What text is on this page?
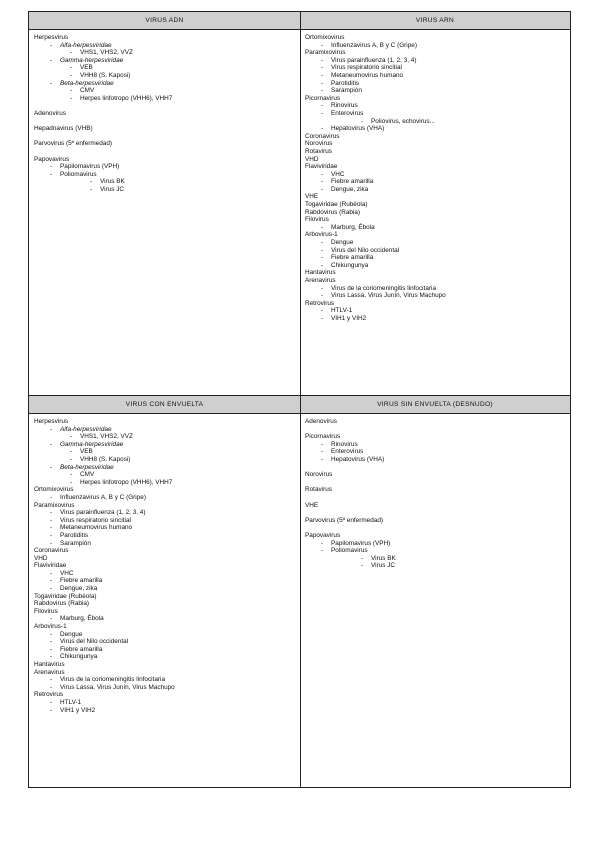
VIRUS ADN	VIRUS ARN
Herpesvirus
- Alfa-herpesviridae
- VHS1, VHS2, VVZ
- Gamma-herpesviridae
- VEB
- VHH8 (S. Kaposi)
- Beta-herpesviridae
- CMV
- Herpes linfotropo (VHH6), VHH7
Adenovirus
Hepadnavirus (VHB)
Parvovirus (5ª enfermedad)
Papovavirus
- Papilomavirus (VPH)
- Poliomavirus
- Virus BK
- Virus JC
Ortomixovirus
- Influenzavirus A, B y C (Gripe)
Paramixovirus
- Virus parainfluenza (1, 2, 3, 4)
- Virus respiratorio sincitial
- Metaneumovirus humano
- Parotiditis
- Sarampión
Picornavirus
- Rinovirus
- Enterovirus
- Poliovirus, echovirus...
- Hepatovirus (VHA)
Coronavirus
Norovirus
Rotavirus
VHD
Flaviviridae
- VHC
- Fiebre amarilla
- Dengue, zika
VHE
Togaviridae (Rubéola)
Rabdovirus (Rabia)
Filovirus
- Marburg, Ébola
Arbovirus-1
- Dengue
- Virus del Nilo occidental
- Fiebre amarilla
- Chikungunya
Hantavirus
Arenavirus
- Virus de la coriomeningitis linfocitaria
- Virus Lassa, Virus Junín, Virus Machupo
Retrovirus
- HTLV-1
- VIH1 y VIH2
VIRUS CON ENVUELTA	VIRUS SIN ENVUELTA (DESNUDO)
Herpesvirus
- Alfa-herpesviridae
- VHS1, VHS2, VVZ
- Gamma-herpesviridae
- VEB
- VHH8 (S. Kaposi)
- Beta-herpesviridae
- CMV
- Herpes linfotropo (VHH6), VHH7
Ortomixovirus
- Influenzavirus A, B y C (Gripe)
Paramixovirus
- Virus parainfluenza (1, 2, 3, 4)
- Virus respiratorio sincitial
- Metaneumovirus humano
- Parotiditis
- Sarampión
Coronavirus
VHD
Flaviviridae
- VHC
- Fiebre amarilla
- Dengue, zika
Togaviridae (Rubéola)
Rabdovirus (Rabia)
Filovirus
- Marburg, Ébola
Arbovirus-1
- Dengue
- Virus del Nilo occidental
- Fiebre amarilla
- Chikungunya
Hantavirus
Arenavirus
- Virus de la coriomeningitis linfocitaria
- Virus Lassa, Virus Junín, Virus Machupo
Retrovirus
- HTLV-1
- VIH1 y VIH2
Adenovirus
Picornavirus
- Rinovirus
- Enterovirus
- Hepatovirus (VHA)
Norovirus
Rotavirus
VHE
Parvovirus (5ª enfermedad)
Papovavirus
- Papilomavirus (VPH)
- Poliomavirus
- Virus BK
- Virus JC
